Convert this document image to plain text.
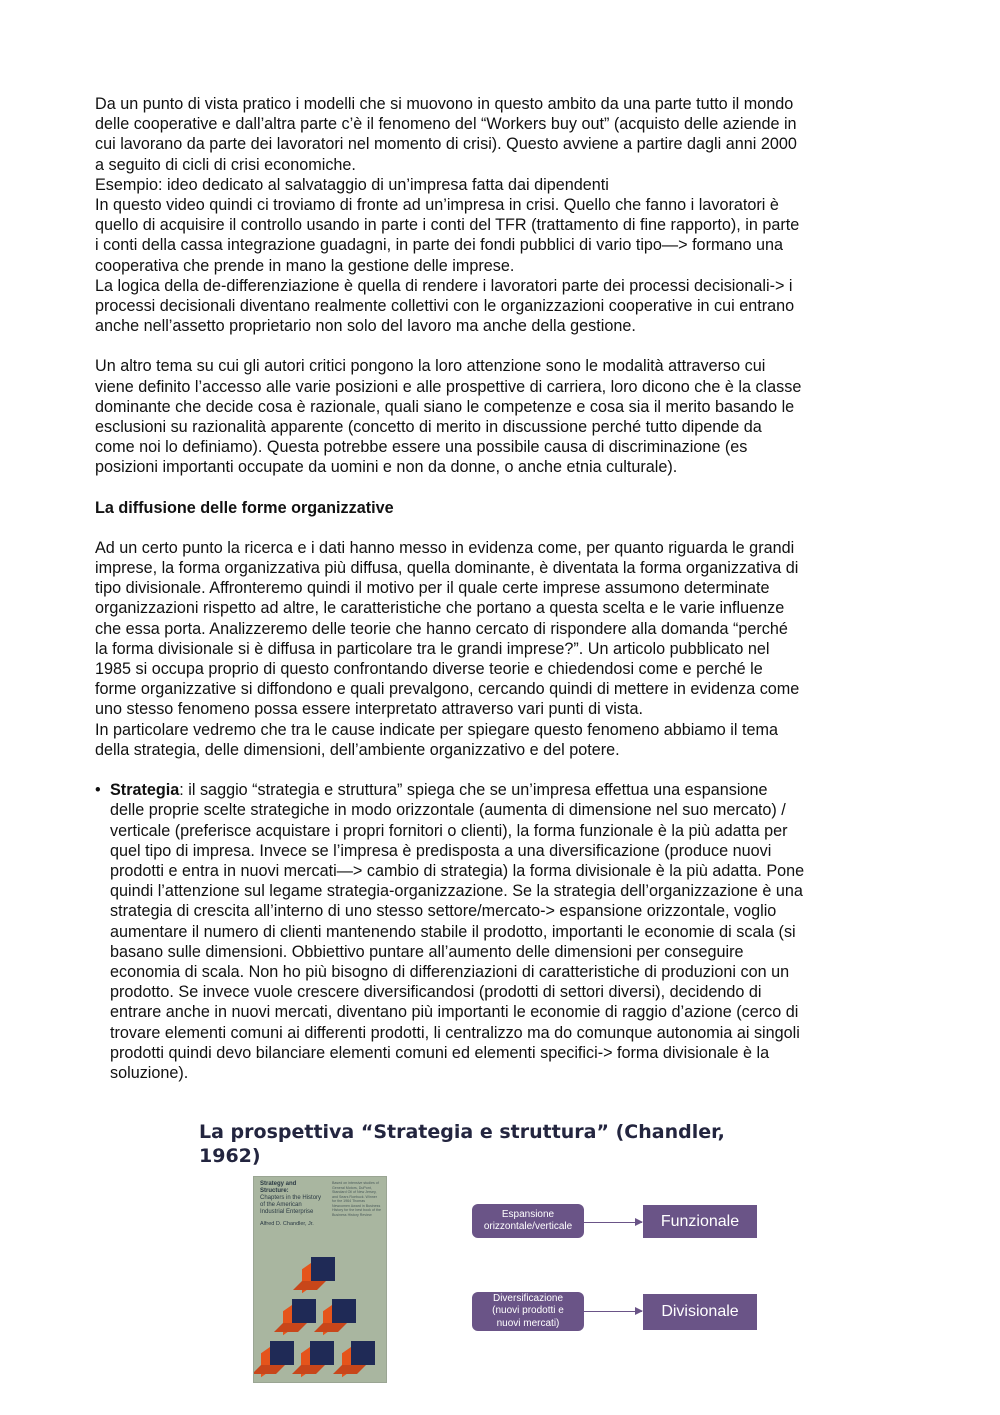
Da un punto di vista pratico i modelli che si muovono in questo ambito da una parte tutto il mondo
delle cooperative e dall’altra parte c’è il fenomeno del “Workers buy out” (acquisto delle aziende in
cui lavorano da parte dei lavoratori nel momento di crisi). Questo avviene a partire dagli anni 2000
a seguito di cicli di crisi economiche.
Esempio: ideo dedicato al salvataggio di un’impresa fatta dai dipendenti
In questo video quindi ci troviamo di fronte ad un’impresa in crisi. Quello che fanno i lavoratori è
quello di acquisire il controllo usando in parte i conti del TFR (trattamento di fine rapporto), in parte
i conti della cassa integrazione guadagni, in parte dei fondi pubblici di vario tipo—> formano una
cooperativa che prende in mano la gestione delle imprese.
La logica della de-differenziazione è quella di rendere i lavoratori parte dei processi decisionali-> i
processi decisionali diventano realmente collettivi con le organizzazioni cooperative in cui entrano
anche nell’assetto proprietario non solo del lavoro ma anche della gestione.

Un altro tema su cui gli autori critici pongono la loro attenzione sono le modalità attraverso cui
viene definito l’accesso alle varie posizioni e alle prospettive di carriera, loro dicono che è la classe
dominante che decide cosa è razionale, quali siano le competenze e cosa sia il merito basando le
esclusioni su razionalità apparente (concetto di merito in discussione perché tutto dipende da
come noi lo definiamo). Questa potrebbe essere una possibile causa di discriminazione (es
posizioni importanti occupate da uomini e non da donne, o anche etnia culturale).

La diffusione delle forme organizzative

Ad un certo punto la ricerca e i dati hanno messo in evidenza come, per quanto riguarda le grandi
imprese, la forma organizzativa più diffusa, quella dominante, è diventata la forma organizzativa di
tipo divisionale. Affronteremo quindi il motivo per il quale certe imprese assumono determinate
organizzazioni rispetto ad altre, le caratteristiche che portano a questa scelta e le varie influenze
che essa porta. Analizzeremo delle teorie che hanno cercato di rispondere alla domanda “perché
la forma divisionale si è diffusa in particolare tra le grandi imprese?”. Un articolo pubblicato nel
1985 si occupa proprio di questo confrontando diverse teorie e chiedendosi come e perché le
forme organizzative si diffondono e quali prevalgono, cercando quindi di mettere in evidenza come
uno stesso fenomeno possa essere interpretato attraverso vari punti di vista.
In particolare vedremo che tra le cause indicate per spiegare questo fenomeno abbiamo il tema
della strategia, delle dimensioni, dell’ambiente organizzativo e del potere.

• Strategia: il saggio “strategia e struttura” spiega che se un’impresa effettua una espansione
delle proprie scelte strategiche in modo orizzontale (aumenta di dimensione nel suo mercato) /
verticale (preferisce acquistare i propri fornitori o clienti), la forma funzionale è la più adatta per
quel tipo di impresa. Invece se l’impresa è predisposta a una diversificazione (produce nuovi
prodotti e entra in nuovi mercati—> cambio di strategia) la forma divisionale è la più adatta. Pone
quindi l’attenzione sul legame strategia-organizzazione. Se la strategia dell’organizzazione è una
strategia di crescita all’interno di uno stesso settore/mercato-> espansione orizzontale, voglio
aumentare il numero di clienti mantenendo stabile il prodotto, importanti le economie di scala (si
basano sulle dimensioni. Obbiettivo puntare all’aumento delle dimensioni per conseguire
economia di scala. Non ho più bisogno di differenziazioni di caratteristiche di produzioni con un
prodotto. Se invece vuole crescere diversificandosi (prodotti di settori diversi), decidendo di
entrare anche in nuovi mercati, diventano più importanti le economie di raggio d’azione (cerco di
trovare elementi comuni ai differenti prodotti, li centralizzo ma do comunque autonomia ai singoli
prodotti quindi devo bilanciare elementi comuni ed elementi specifici-> forma divisionale è la
soluzione).
La prospettiva “Strategia e struttura” (Chandler,
1962)
Strategy and Structure:
Chapters in the History
of the American
Industrial Enterprise
Alfred D. Chandler, Jr.
Based on intensive studies of General Motors, DuPont, Standard Oil of New Jersey, and Sears Roebuck. Winner for the 1964 Thomas Newcomen Award in Business History for the best book of the Business History Review	Espansione
orizzontale/verticale	Funzionale
Diversificazione
(nuovi prodotti e
nuovi mercati)
Divisionale
